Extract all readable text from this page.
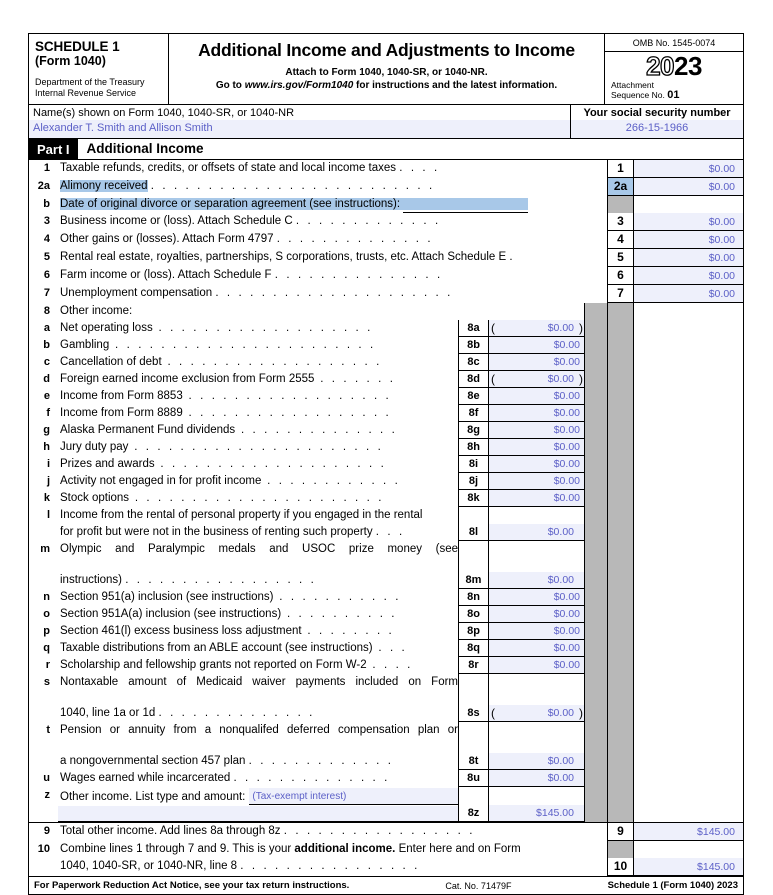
SCHEDULE 1
(Form 1040)
Department of the Treasury
Internal Revenue Service
Additional Income and Adjustments to Income
Attach to Form 1040, 1040-SR, or 1040-NR.
Go to www.irs.gov/Form1040 for instructions and the latest information.
OMB No. 1545-0074
2023
Attachment
Sequence No. 01
Name(s) shown on Form 1040, 1040-SR, or 1040-NR
Alexander T. Smith and Allison Smith
Your social security number
266-15-1966
Part I	Additional Income
1 Taxable refunds, credits, or offsets of state and local income taxes . . . .	1	$0.00
2a Alimony received . . . . . . . . . . . . . . . . . . . . . . . . .	2a	$0.00
b Date of original divorce or separation agreement (see instructions):
3 Business income or (loss). Attach Schedule C . . . . . . . . . . . . .	3	$0.00
4 Other gains or (losses). Attach Form 4797 . . . . . . . . . . . . . .	4	$0.00
5 Rental real estate, royalties, partnerships, S corporations, trusts, etc. Attach Schedule E .	5	$0.00
6 Farm income or (loss). Attach Schedule F . . . . . . . . . . . . . . .	6	$0.00
7 Unemployment compensation . . . . . . . . . . . . . . . . . . . . .	7	$0.00
8 Other income:
a Net operating loss . . . . . . . . . . . . . . . . . . .	8a (	$0.00 )
b Gambling . . . . . . . . . . . . . . . . . . . . . . .	8b	$0.00
c Cancellation of debt . . . . . . . . . . . . . . . . . . .	8c	$0.00
d Foreign earned income exclusion from Form 2555 . . . . . . .	8d (	$0.00 )
e Income from Form 8853 . . . . . . . . . . . . . . . . . .	8e	$0.00
f Income from Form 8889 . . . . . . . . . . . . . . . . . .	8f	$0.00
g Alaska Permanent Fund dividends . . . . . . . . . . . . . .	8g	$0.00
h Jury duty pay . . . . . . . . . . . . . . . . . . . . . .	8h	$0.00
i Prizes and awards . . . . . . . . . . . . . . . . . . . .	8i	$0.00
j Activity not engaged in for profit income . . . . . . . . . . . .	8j	$0.00
k Stock options . . . . . . . . . . . . . . . . . . . . . .	8k	$0.00
l Income from the rental of personal property if you engaged in the rental
for profit but were not in the business of renting such property . . .	8l	$0.00
m Olympic and Paralympic medals and USOC prize money (see
instructions) . . . . . . . . . . . . . . . . .	8m	$0.00
n Section 951(a) inclusion (see instructions) . . . . . . . . . . .	8n	$0.00
o Section 951A(a) inclusion (see instructions) . . . . . . . . . .	8o	$0.00
p Section 461(l) excess business loss adjustment . . . . . . . .	8p	$0.00
q Taxable distributions from an ABLE account (see instructions) . . .	8q	$0.00
r Scholarship and fellowship grants not reported on Form W-2 . . . .	8r	$0.00
s Nontaxable amount of Medicaid waiver payments included on Form
1040, line 1a or 1d . . . . . . . . . . . . . .	8s (	$0.00 )
t Pension or annuity from a nonqualifed deferred compensation plan or
a nongovernmental section 457 plan . . . . . . . . . . . . .	8t	$0.00
u Wages earned while incarcerated . . . . . . . . . . . . . .	8u	$0.00
z Other income. List type and amount: (Tax-exempt interest)
8z	$145.00
9 Total other income. Add lines 8a through 8z . . . . . . . . . . . . . . . . .	9	$145.00
10 Combine lines 1 through 7 and 9. This is your additional income. Enter here and on Form
1040, 1040-SR, or 1040-NR, line 8 . . . . . . . . . . . . . . . .	10	$145.00
For Paperwork Reduction Act Notice, see your tax return instructions.	Cat. No. 71479F	Schedule 1 (Form 1040) 2023
